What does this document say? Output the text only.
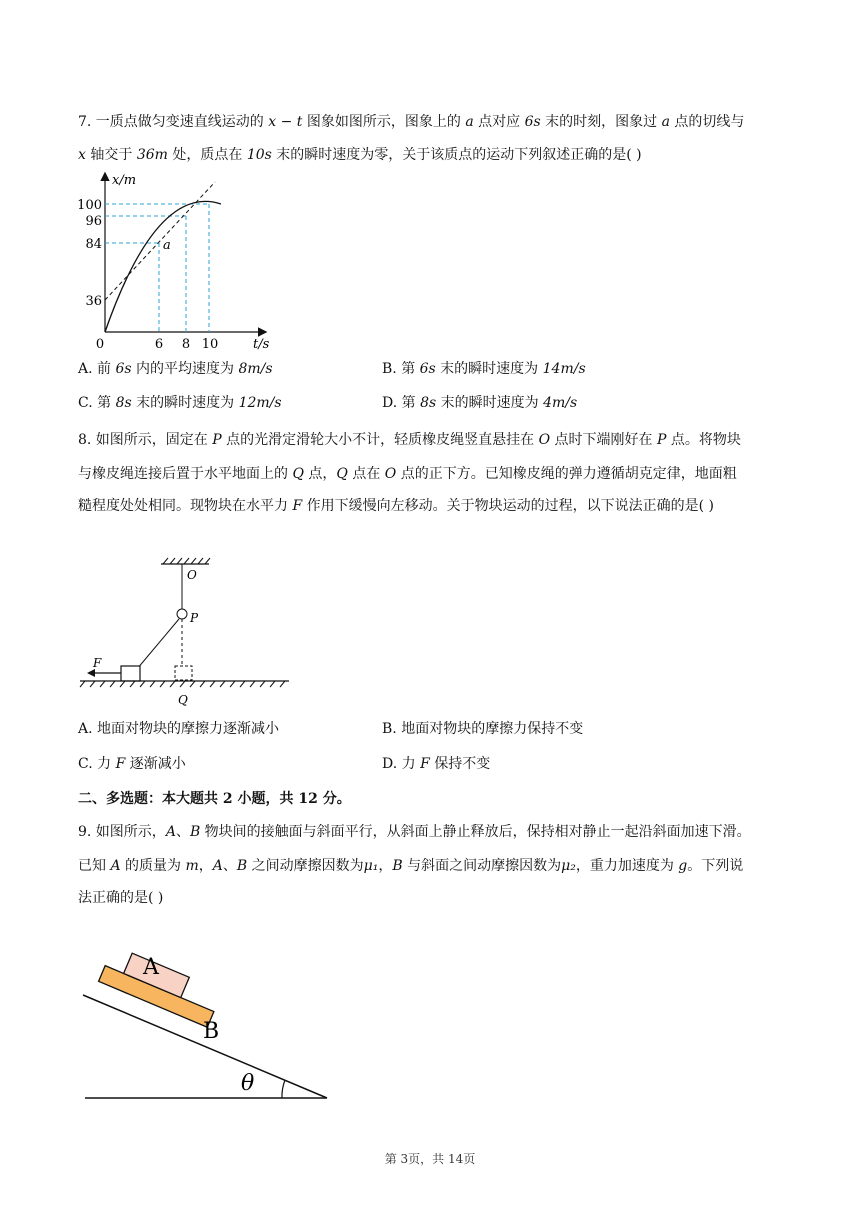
7. 一质点做匀变速直线运动的 x − t 图象如图所示，图象上的 a 点对应 6s 末的时刻，图象过 a 点的切线与
x 轴交于 36m 处，质点在 10s 末的瞬时速度为零，关于该质点的运动下列叙述正确的是( )
x/m
t/s
0	6 8 10
100
96
84
36
a
A. 前 6s 内的平均速度为 8m/s	B. 第 6s 末的瞬时速度为 14m/s
C. 第 8s 末的瞬时速度为 12m/s	D. 第 8s 末的瞬时速度为 4m/s
8. 如图所示，固定在 P 点的光滑定滑轮大小不计，轻质橡皮绳竖直悬挂在 O 点时下端刚好在 P 点。将物块
与橡皮绳连接后置于水平地面上的 Q 点，Q 点在 O 点的正下方。已知橡皮绳的弹力遵循胡克定律，地面粗
糙程度处处相同。现物块在水平力 F 作用下缓慢向左移动。关于物块运动的过程，以下说法正确的是( )
O
P
Q
F
A. 地面对物块的摩擦力逐渐减小	B. 地面对物块的摩擦力保持不变
C. 力 F 逐渐减小	D. 力 F 保持不变
二、多选题：本大题共 2 小题，共 12 分。
9. 如图所示，A、B 物块间的接触面与斜面平行，从斜面上静止释放后，保持相对静止一起沿斜面加速下滑。
已知 A 的质量为 m，A、B 之间动摩擦因数为μ₁，B 与斜面之间动摩擦因数为μ₂，重力加速度为 g。下列说
法正确的是( )
A
B
θ
第 3页，共 14页
